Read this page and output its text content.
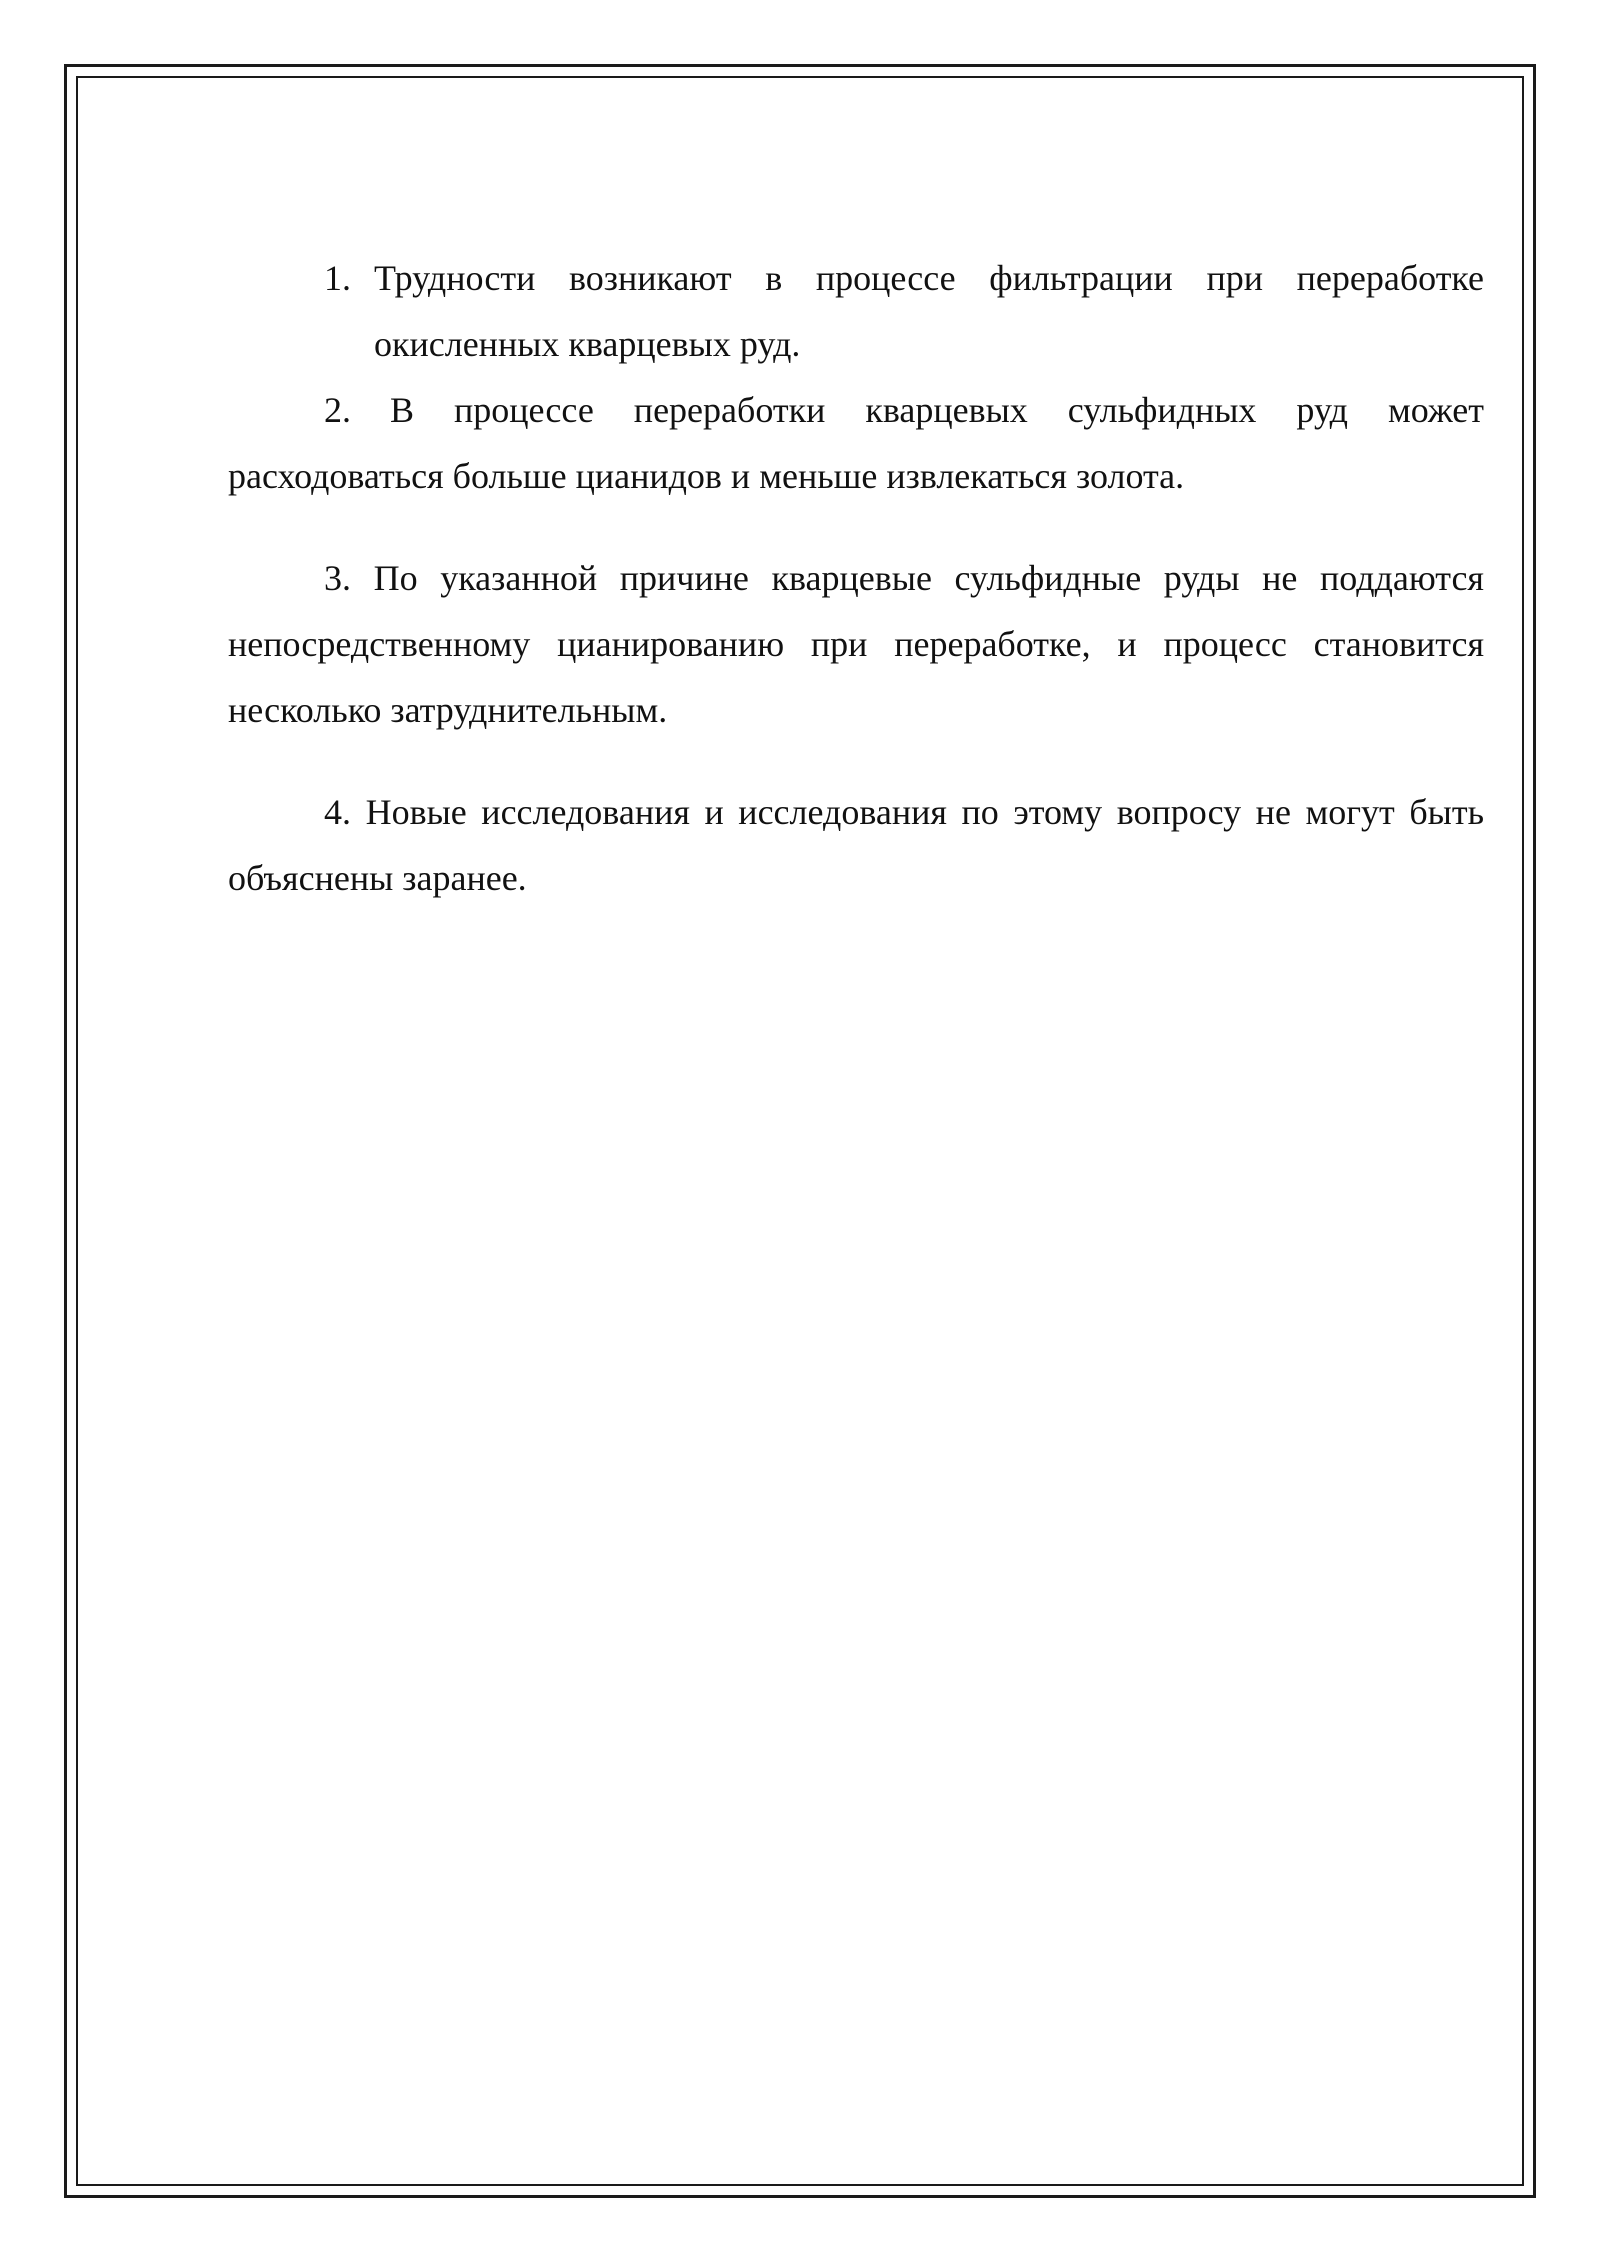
1. Трудности возникают в процессе фильтрации при переработке окисленных кварцевых руд.

2. В процессе переработки кварцевых сульфидных руд может расходоваться больше цианидов и меньше извлекаться золота.

3. По указанной причине кварцевые сульфидные руды не поддаются непосредственному цианированию при переработке, и процесс становится несколько затруднительным.

4. Новые исследования и исследования по этому вопросу не могут быть объяснены заранее.
